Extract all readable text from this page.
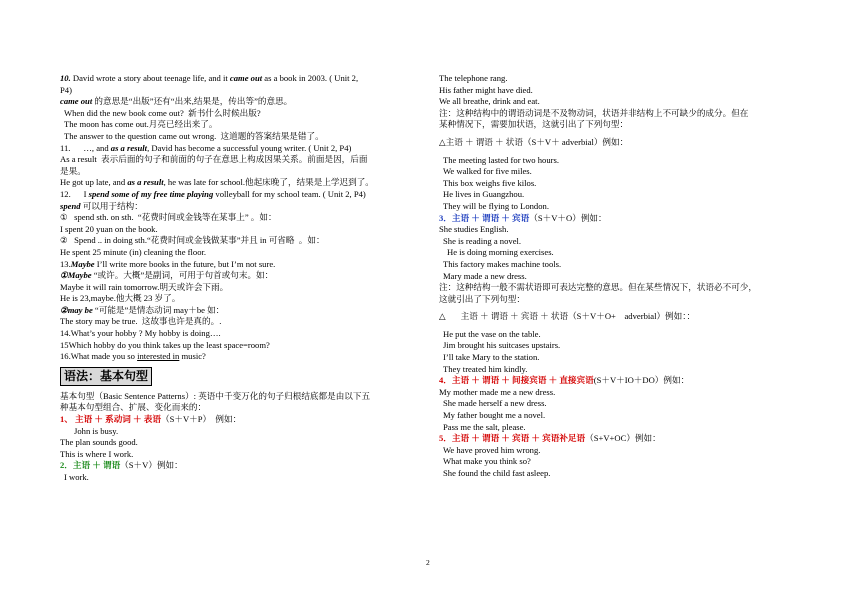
10. David wrote a story about teenage life, and it came out as a book in 2003. ( Unit 2,
P4)
came out 的意思是“出版”还有“出来,结果是，传出等”的意思。
When did the new book come out?  新书什么时候出版?
The moon has come out.月亮已经出来了。
The answer to the question came out wrong.  这道题的答案结果是错了。
11.      …, and as a result, David has become a successful young writer. ( Unit 2, P4)
As a result  表示后面的句子和前面的句子在意思上构成因果关系。前面是因，后面
是果。
He got up late, and as a result, he was late for school.他起床晚了，结果是上学迟到了。
12.      I spend some of my free time playing volleyball for my school team. ( Unit 2, P4)
spend 可以用于结构：
①   spend sth. on sth.  “花费时间或金钱等在某事上” 。如：
I spent 20 yuan on the book.
②   Spend .. in doing sth.“花费时间或金钱做某事”并且 in 可省略  。如：
He spent 25 minute (in) cleaning the floor.
13.Maybe I’ll write more books in the future, but I’m not sure.
①Maybe “或许。大概”是副词，可用于句首或句末。如：
Maybe it will rain tomorrow.明天或许会下雨。
He is 23,maybe.他大概 23 岁了。
②may be “可能是”是情态动词 may＋be 如：
The story may be true.  这故事也许是真的。.
14.What’s your hobby ? My hobby is doing….
15Which hobby do you think takes up the least space=room?
16.What made you so interested in music?
语法：基本句型
基本句型（Basic Sentence Patterns）: 英语中千变万化的句子归根结底都是由以下五
种基本句型组合、扩展、变化而来的：
1、 主语 ＋ 系动词 ＋ 表语（S＋V＋P）  例如：
John is busy.
The plan sounds good.
This is where I work.
2．主语 ＋ 谓语（S＋V）例如：
I work.
The telephone rang.
His father might have died.
We all breathe, drink and eat.
注：这种结构中的谓语动词是不及物动词，状语并非结构上不可缺少的成分。但在
某种情况下，需要加状语，这就引出了下列句型：
△主语 ＋ 谓语 ＋ 状语（S＋V＋ adverbial）例如：
The meeting lasted for two hours.
We walked for five miles.
This box weighs five kilos.
He lives in Guangzhou.
They will be flying to London.
3．主语 ＋ 谓语 ＋ 宾语（S＋V＋O）例如：
She studies English.
She is reading a novel.
He is doing morning exercises.
This factory makes machine tools.
Mary made a new dress.
注：这种结构一般不需状语即可表达完整的意思。但在某些情况下，状语必不可少，
这就引出了下列句型：
△       主语 ＋ 谓语 ＋ 宾语 ＋ 状语（S＋V＋O+    adverbial）例如：：
He put the vase on the table.
Jim brought his suitcases upstairs.
I’ll take Mary to the station.
They treated him kindly.
4．主语 ＋ 谓语 ＋ 间接宾语 ＋ 直接宾语(S＋V＋IO＋DO）例如：
My mother made me a new dress.
She made herself a new dress.
My father bought me a novel.
Pass me the salt, please.
5．主语 ＋ 谓语 ＋ 宾语 ＋ 宾语补足语（S+V+OC）例如：
We have proved him wrong.
What make you think so?
She found the child fast asleep.
2
